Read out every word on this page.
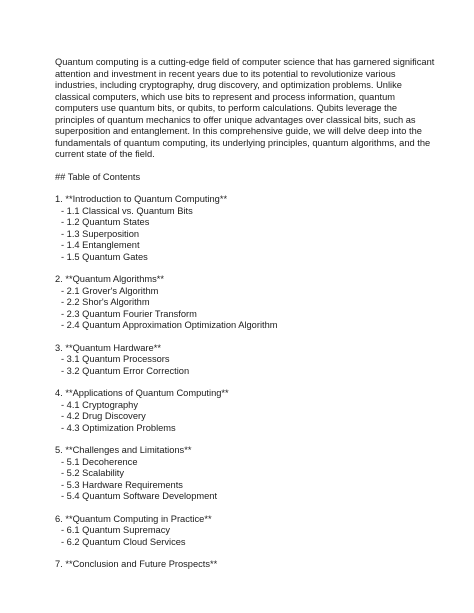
Quantum computing is a cutting-edge field of computer science that has garnered significant attention and investment in recent years due to its potential to revolutionize various industries, including cryptography, drug discovery, and optimization problems. Unlike classical computers, which use bits to represent and process information, quantum computers use quantum bits, or qubits, to perform calculations. Qubits leverage the principles of quantum mechanics to offer unique advantages over classical bits, such as superposition and entanglement. In this comprehensive guide, we will delve deep into the fundamentals of quantum computing, its underlying principles, quantum algorithms, and the current state of the field.

## Table of Contents

1. **Introduction to Quantum Computing**
- 1.1 Classical vs. Quantum Bits
- 1.2 Quantum States
- 1.3 Superposition
- 1.4 Entanglement
- 1.5 Quantum Gates
2. **Quantum Algorithms**
- 2.1 Grover's Algorithm
- 2.2 Shor's Algorithm
- 2.3 Quantum Fourier Transform
- 2.4 Quantum Approximation Optimization Algorithm
3. **Quantum Hardware**
- 3.1 Quantum Processors
- 3.2 Quantum Error Correction
4. **Applications of Quantum Computing**
- 4.1 Cryptography
- 4.2 Drug Discovery
- 4.3 Optimization Problems
5. **Challenges and Limitations**
- 5.1 Decoherence
- 5.2 Scalability
- 5.3 Hardware Requirements
- 5.4 Quantum Software Development
6. **Quantum Computing in Practice**
- 6.1 Quantum Supremacy
- 6.2 Quantum Cloud Services
7. **Conclusion and Future Prospects**
